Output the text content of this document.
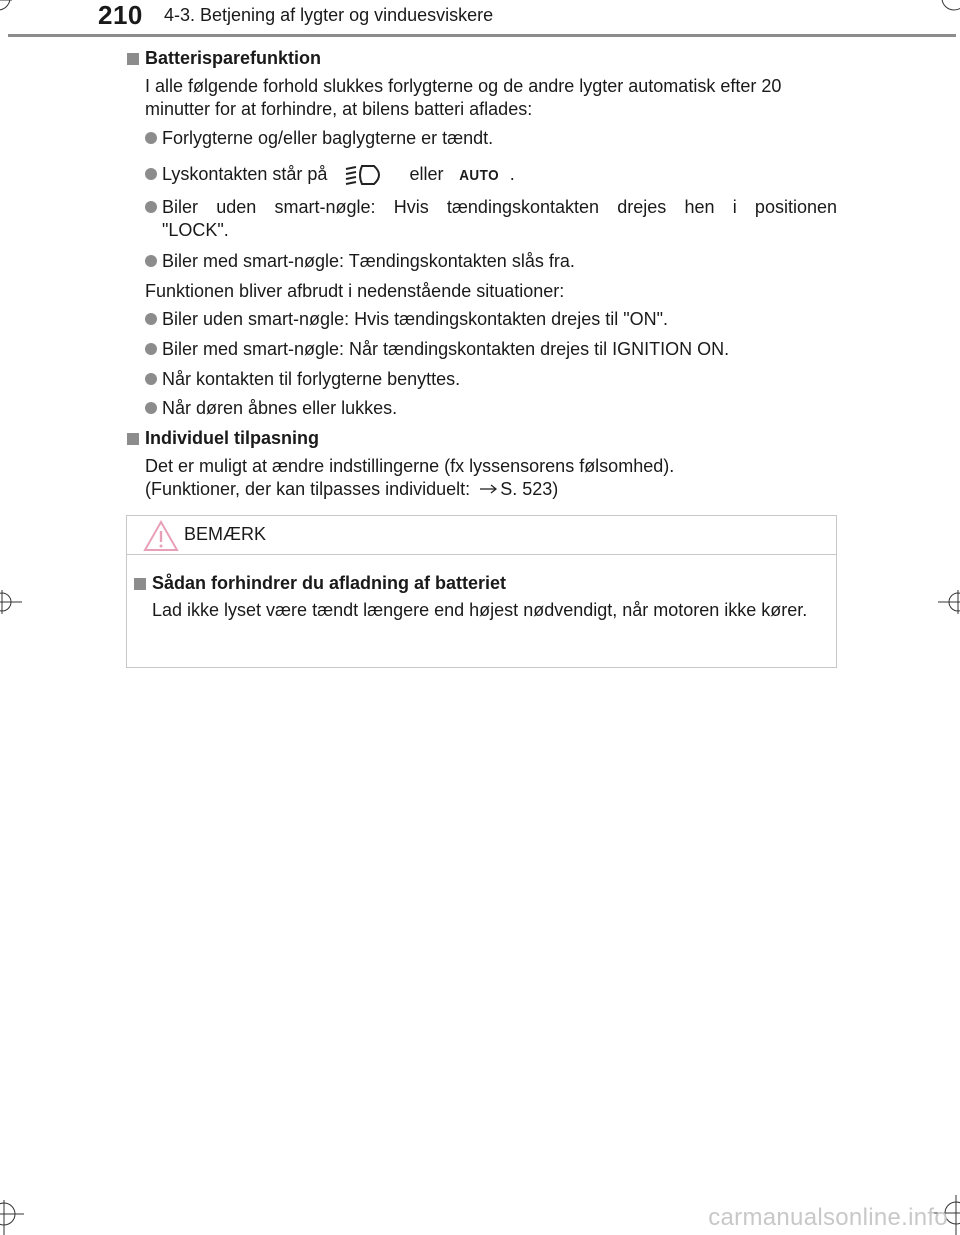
210 4-3. Betjening af lygter og vinduesviskere
Batterisparefunktion
I alle følgende forhold slukkes forlygterne og de andre lygter automatisk efter 20 minutter for at forhindre, at bilens batteri aflades:
Forlygterne og/eller baglygterne er tændt.
Lyskontakten står på	eller AUTO .
Biler uden smart-nøgle: Hvis tændingskontakten drejes hen i positionen
"LOCK".
Biler med smart-nøgle: Tændingskontakten slås fra.
Funktionen bliver afbrudt i nedenstående situationer:
Biler uden smart-nøgle: Hvis tændingskontakten drejes til "ON".
Biler med smart-nøgle: Når tændingskontakten drejes til IGNITION ON.
Når kontakten til forlygterne benyttes.
Når døren åbnes eller lukkes.
Individuel tilpasning
Det er muligt at ændre indstillingerne (fx lyssensorens følsomhed).
(Funktioner, der kan tilpasses individuelt: S. 523)
BEMÆRK
Sådan forhindrer du afladning af batteriet
Lad ikke lyset være tændt længere end højest nødvendigt, når motoren ikke kører.
carmanualsonline.info
